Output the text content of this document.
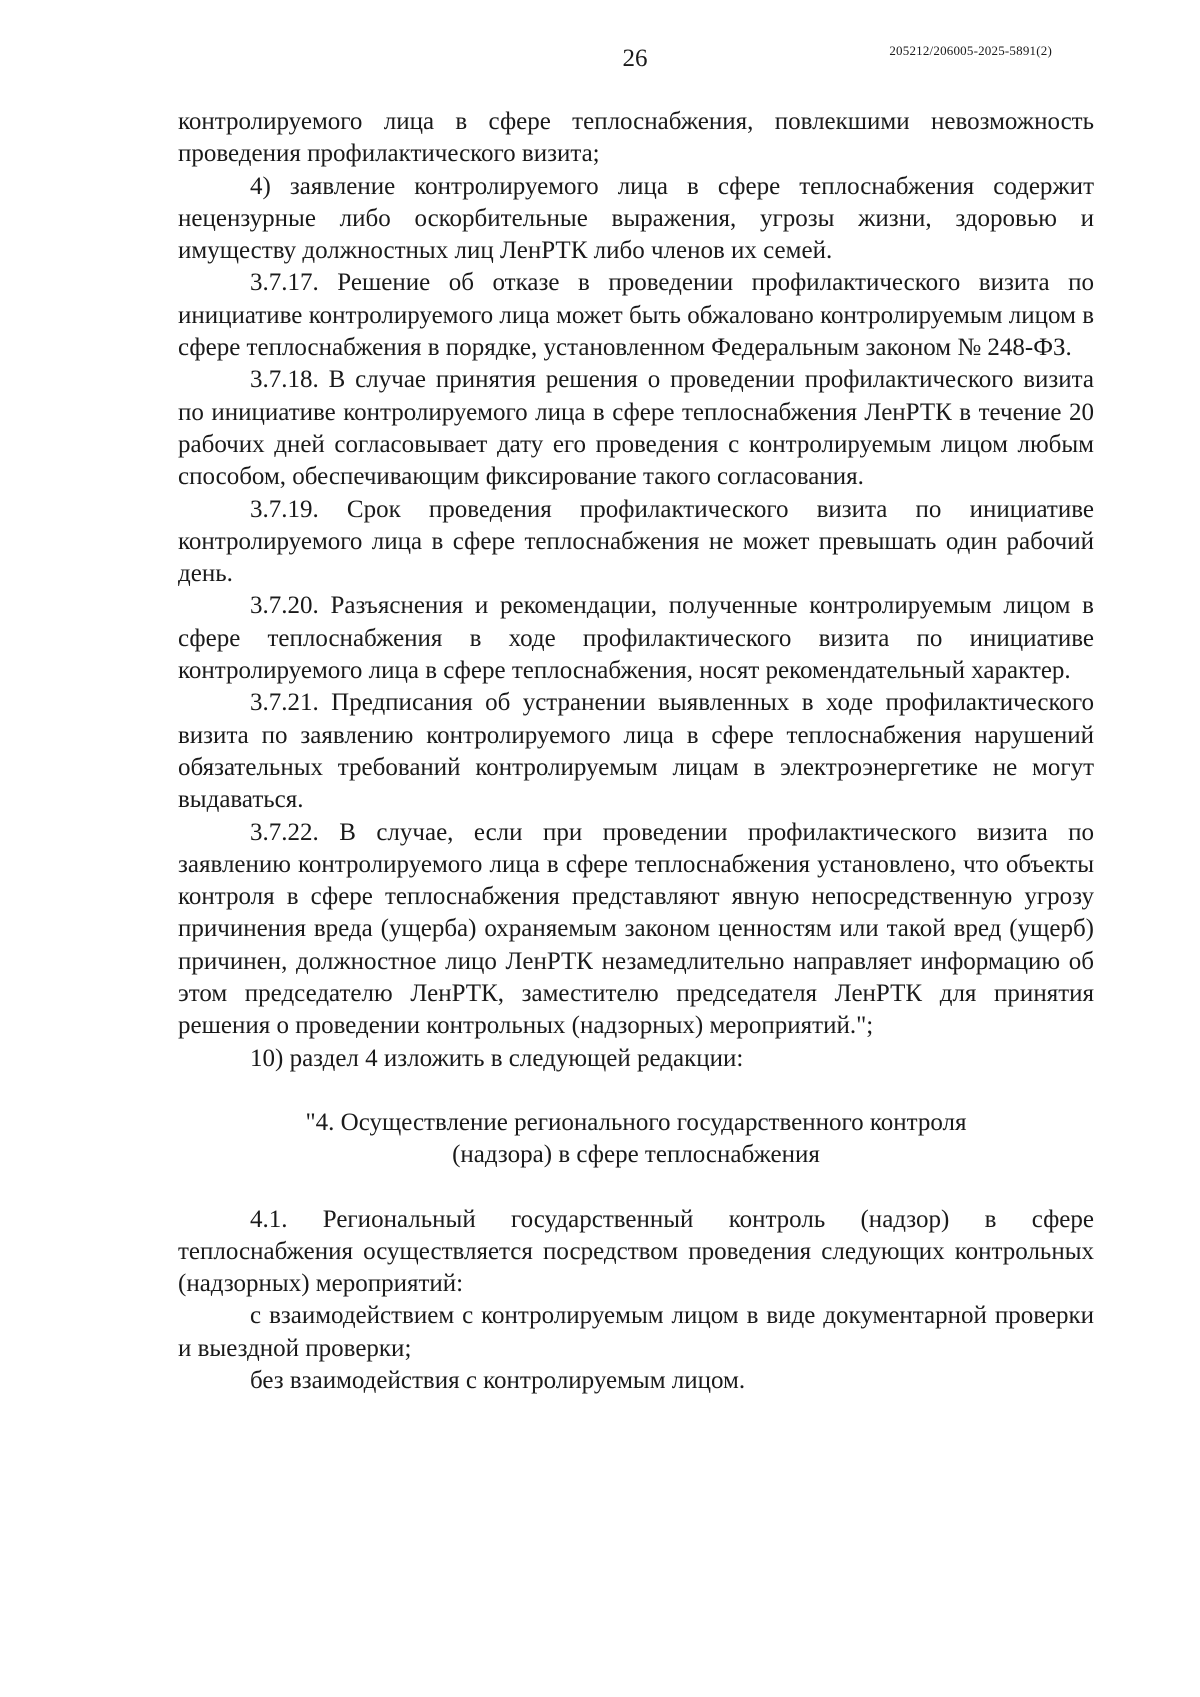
26	205212/206005-2025-5891(2)

контролируемого лица в сфере теплоснабжения, повлекшими невозможность проведения профилактического визита;

4) заявление контролируемого лица в сфере теплоснабжения содержит нецензурные либо оскорбительные выражения, угрозы жизни, здоровью и имуществу должностных лиц ЛенРТК либо членов их семей.

3.7.17. Решение об отказе в проведении профилактического визита по инициативе контролируемого лица может быть обжаловано контролируемым лицом в сфере теплоснабжения в порядке, установленном Федеральным законом № 248-ФЗ.

3.7.18. В случае принятия решения о проведении профилактического визита по инициативе контролируемого лица в сфере теплоснабжения ЛенРТК в течение 20 рабочих дней согласовывает дату его проведения с контролируемым лицом любым способом, обеспечивающим фиксирование такого согласования.

3.7.19. Срок проведения профилактического визита по инициативе контролируемого лица в сфере теплоснабжения не может превышать один рабочий день.

3.7.20. Разъяснения и рекомендации, полученные контролируемым лицом в сфере теплоснабжения в ходе профилактического визита по инициативе контролируемого лица в сфере теплоснабжения, носят рекомендательный характер.

3.7.21. Предписания об устранении выявленных в ходе профилактического визита по заявлению контролируемого лица в сфере теплоснабжения нарушений обязательных требований контролируемым лицам в электроэнергетике не могут выдаваться.

3.7.22. В случае, если при проведении профилактического визита по заявлению контролируемого лица в сфере теплоснабжения установлено, что объекты контроля в сфере теплоснабжения представляют явную непосредственную угрозу причинения вреда (ущерба) охраняемым законом ценностям или такой вред (ущерб) причинен, должностное лицо ЛенРТК незамедлительно направляет информацию об этом председателю ЛенРТК, заместителю председателя ЛенРТК для принятия решения о проведении контрольных (надзорных) мероприятий.";

10) раздел 4 изложить в следующей редакции:

"4. Осуществление регионального государственного контроля
(надзора) в сфере теплоснабжения

4.1. Региональный государственный контроль (надзор) в сфере теплоснабжения осуществляется посредством проведения следующих контрольных (надзорных) мероприятий:

с взаимодействием с контролируемым лицом в виде документарной проверки и выездной проверки;

без взаимодействия с контролируемым лицом.
